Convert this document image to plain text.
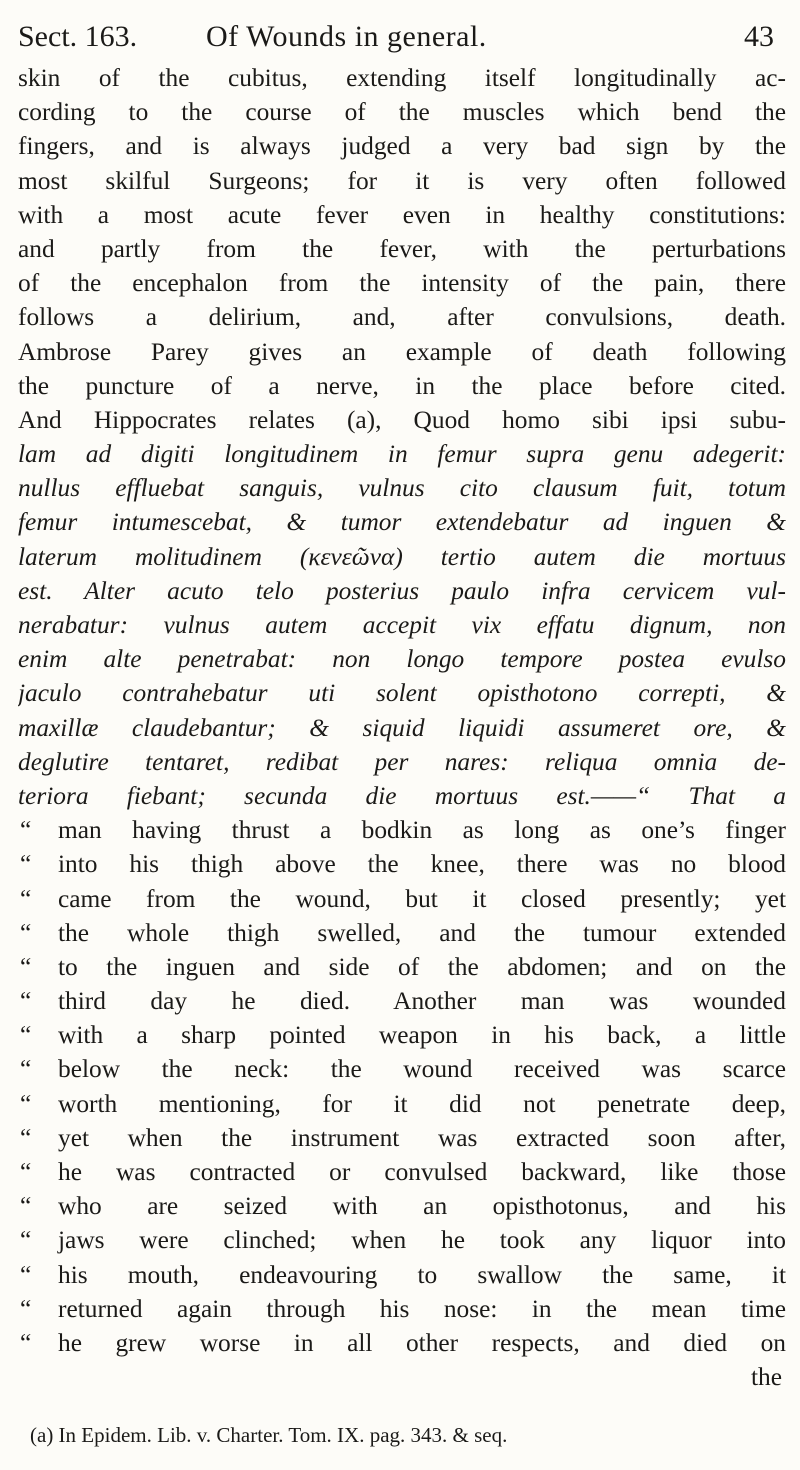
Sect. 163. Of Wounds in general.	43
skin of the cubitus, extending itself longitudinally ac-
cording to the course of the muscles which bend the
fingers, and is always judged a very bad sign by the
most skilful Surgeons; for it is very often followed
with a most acute fever even in healthy constitutions:
and partly from the fever, with the perturbations
of the encephalon from the intensity of the pain, there
follows a delirium, and, after convulsions, death.
Ambrose Parey gives an example of death following
the puncture of a nerve, in the place before cited.
And Hippocrates relates (a), Quod homo sibi ipsi subu-
lam ad digiti longitudinem in femur supra genu adegerit:
nullus effluebat sanguis, vulnus cito clausum fuit, totum
femur intumescebat, & tumor extendebatur ad inguen &
laterum molitudinem (κενεῶνα) tertio autem die mortuus
est. Alter acuto telo posterius paulo infra cervicem vul-
nerabatur: vulnus autem accepit vix effatu dignum, non
enim alte penetrabat: non longo tempore postea evulso
jaculo contrahebatur uti solent opisthotono correpti, &
maxillæ claudebantur; & siquid liquidi assumeret ore, &
deglutire tentaret, redibat per nares: reliqua omnia de-
teriora fiebant; secunda die mortuus est.——“ That a
“ man having thrust a bodkin as long as one’s finger
“ into his thigh above the knee, there was no blood
“ came from the wound, but it closed presently; yet
“ the whole thigh swelled, and the tumour extended
“ to the inguen and side of the abdomen; and on the
“ third day he died. Another man was wounded
“ with a sharp pointed weapon in his back, a little
“ below the neck: the wound received was scarce
“ worth mentioning, for it did not penetrate deep,
“ yet when the instrument was extracted soon after,
“ he was contracted or convulsed backward, like those
“ who are seized with an opisthotonus, and his
“ jaws were clinched; when he took any liquor into
“ his mouth, endeavouring to swallow the same, it
“ returned again through his nose: in the mean time
“ he grew worse in all other respects, and died on
the
(a) In Epidem. Lib. v. Charter. Tom. IX. pag. 343. & seq.
